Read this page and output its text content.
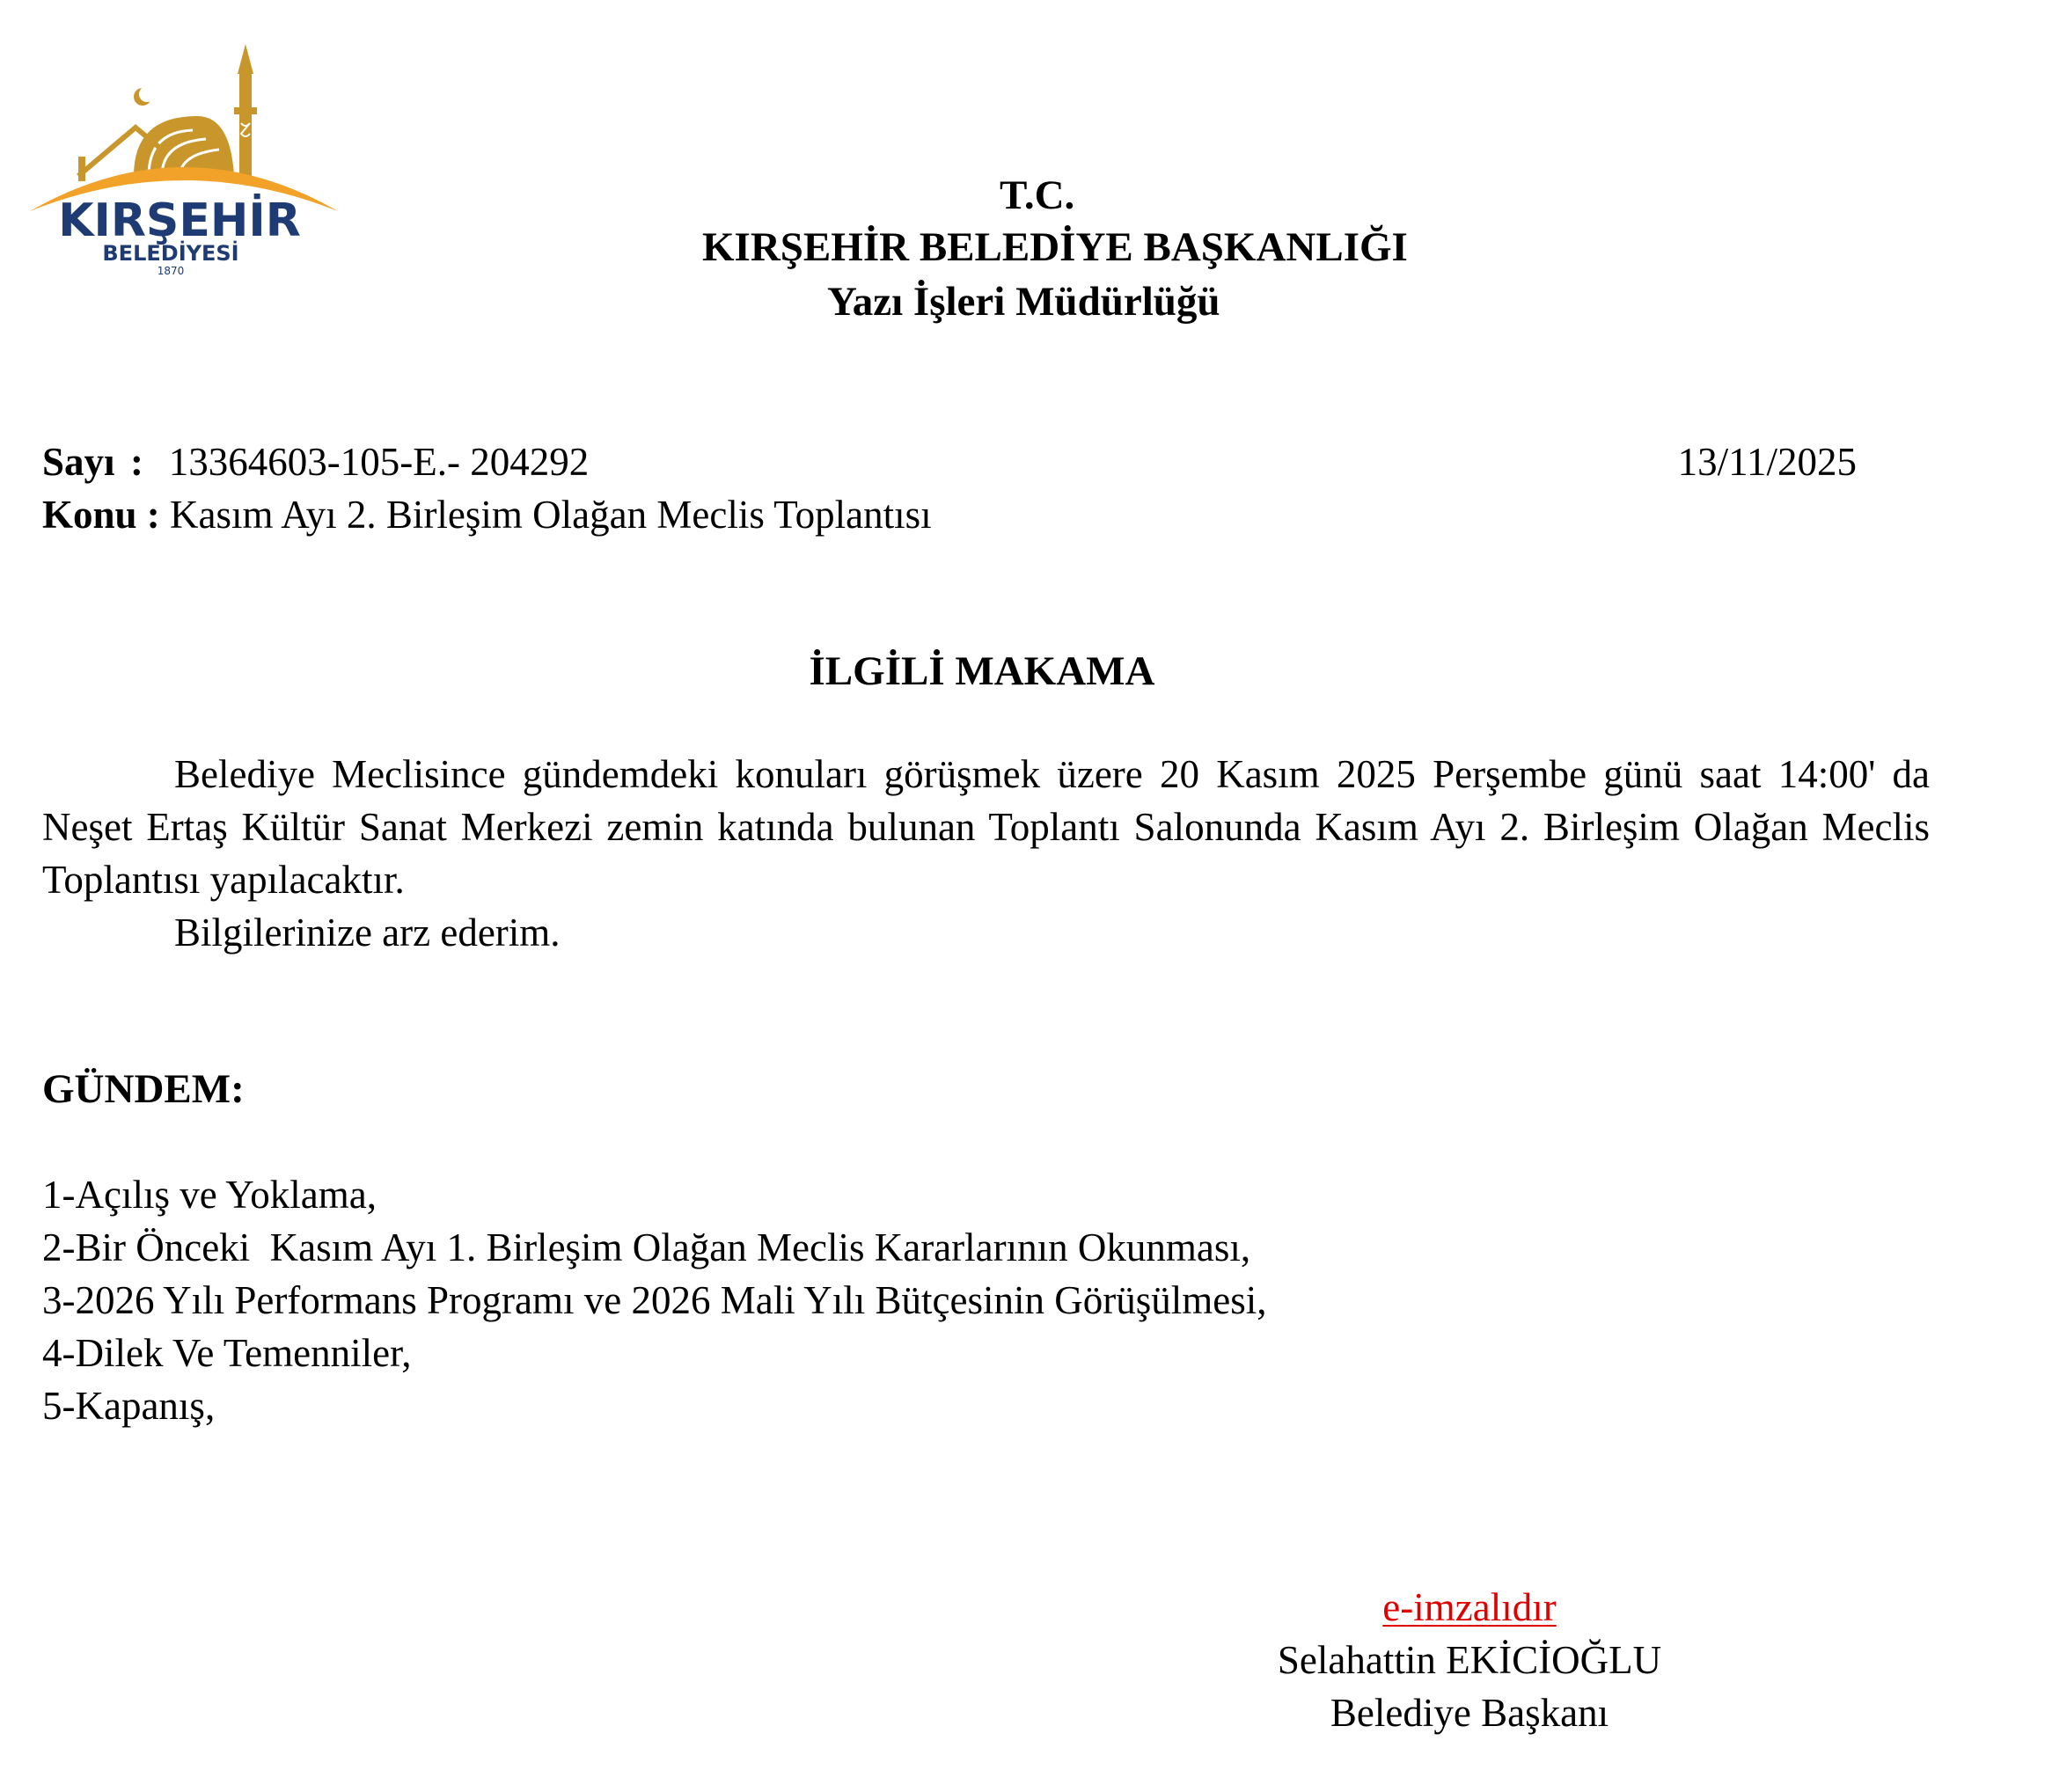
KIRŞEHİR
BELEDİYESİ
1870
T.C.
KIRŞEHİR BELEDİYE BAŞKANLIĞI
Yazı İşleri Müdürlüğü
Sayı : 13364603-105-E.- 204292	13/11/2025
Konu : Kasım Ayı 2. Birleşim Olağan Meclis Toplantısı
İLGİLİ MAKAMA

Belediye Meclisince gündemdeki konuları görüşmek üzere 20 Kasım 2025 Perşembe günü saat 14:00' da Neşet Ertaş Kültür Sanat Merkezi zemin katında bulunan Toplantı Salonunda Kasım Ayı 2. Birleşim Olağan Meclis Toplantısı yapılacaktır.

Bilgilerinize arz ederim.
GÜNDEM:
1-Açılış ve Yoklama,
2-Bir Önceki  Kasım Ayı 1. Birleşim Olağan Meclis Kararlarının Okunması,
3-2026 Yılı Performans Programı ve 2026 Mali Yılı Bütçesinin Görüşülmesi,
4-Dilek Ve Temenniler,
5-Kapanış,
e-imzalıdır
Selahattin EKİCİOĞLU
Belediye Başkanı
